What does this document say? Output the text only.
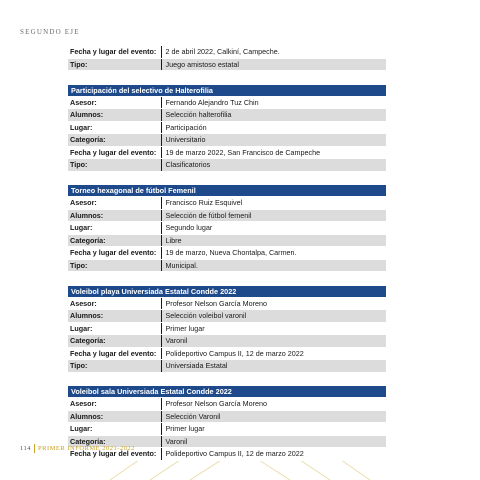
SEGUNDO EJE
Fecha y lugar del evento:	2 de abril 2022, Calkiní, Campeche.
Tipo:	Juego amistoso estatal
Participación del selectivo de Halterofilia	
Asesor:	Fernando Alejandro Tuz Chin
Alumnos:	Selección halterofilia
Lugar:	Participación
Categoría:	Universitario
Fecha y lugar del evento:	19 de marzo 2022, San Francisco de Campeche
Tipo:	Clasificatorios
Torneo hexagonal de fútbol Femenil	
Asesor:	Francisco Ruiz Esquivel
Alumnos:	Selección de fútbol femenil
Lugar:	Segundo lugar
Categoría:	Libre
Fecha y lugar del evento:	19 de marzo, Nueva Chontalpa, Carmen.
Tipo:	Municipal.
Voleibol playa Universiada Estatal Condde 2022	
Asesor:	Profesor Nelson García Moreno
Alumnos:	Selección voleibol varonil
Lugar:	Primer lugar
Categoría:	Varonil
Fecha y lugar del evento:	Polideportivo Campus II, 12 de marzo 2022
Tipo:	Universiada Estatal
Voleibol sala Universiada Estatal Condde 2022	
Asesor:	Profesor Nelson García Moreno
Alumnos:	Selección Varonil
Lugar:	Primer lugar
Categoría:	Varonil
Fecha y lugar del evento:	Polideportivo Campus II, 12 de marzo 2022
114 PRIMER INFORME 2021-2022
